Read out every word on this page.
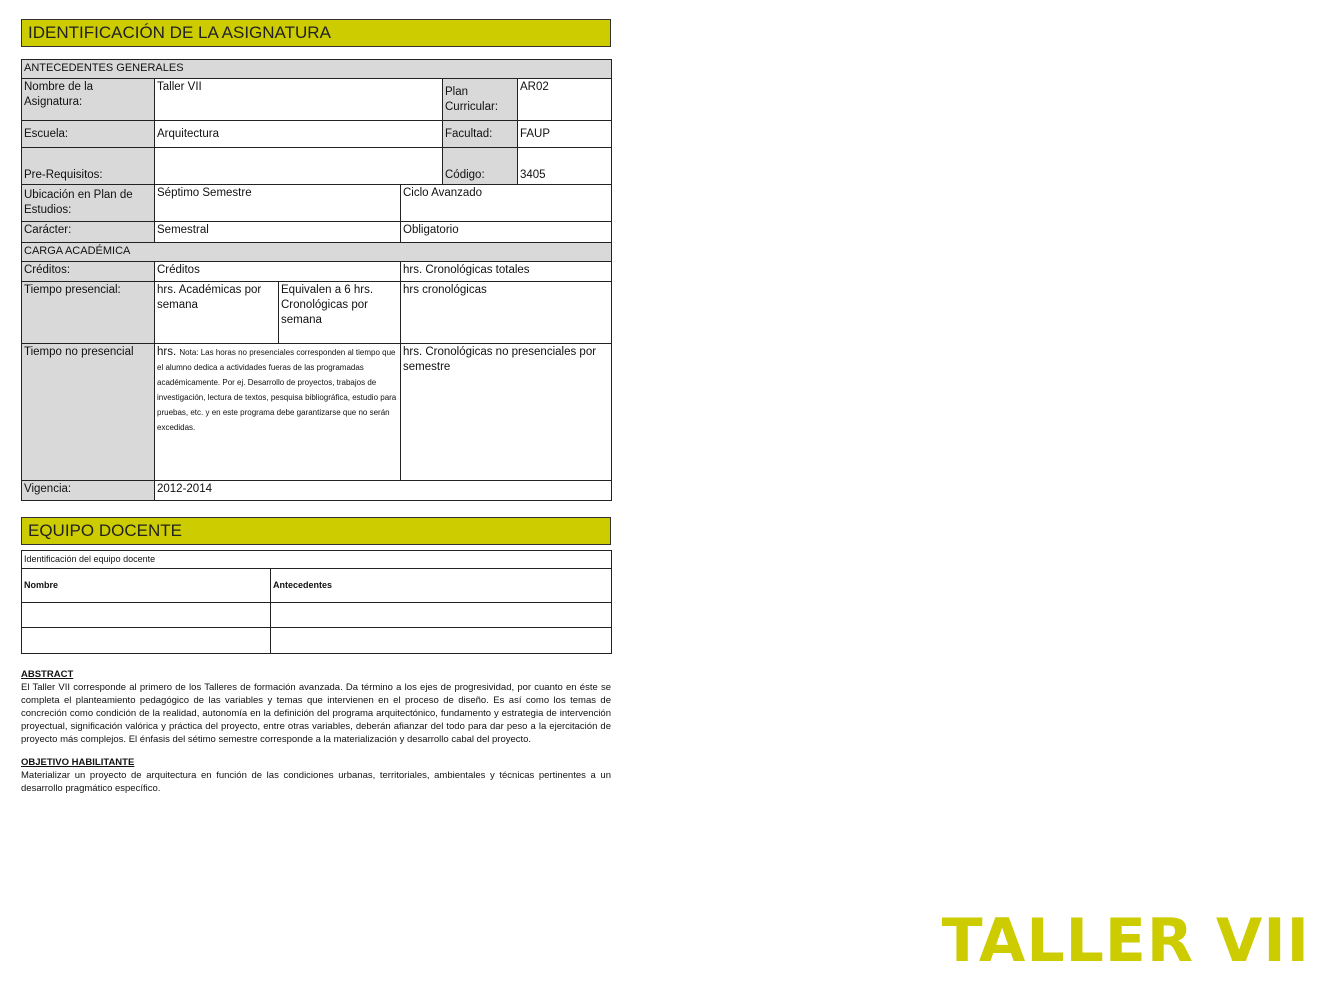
IDENTIFICACIÓN DE LA ASIGNATURA
ANTECEDENTES GENERALES					
Nombre de la Asignatura:	Taller VII			Plan Curricular:	AR02
Escuela:	Arquitectura			Facultad:	FAUP
Pre-Requisitos:				Código:	3405
Ubicación en Plan de Estudios:	Séptimo Semestre		Ciclo Avanzado		
Carácter:	Semestral		Obligatorio		
CARGA ACADÉMICA					
Créditos:	Créditos		hrs. Cronológicas totales		
Tiempo presencial:	hrs. Académicas por semana	Equivalen a 6 hrs. Cronológicas por semana	hrs cronológicas		
Tiempo no presencial	hrs. Nota: Las horas no presenciales corresponden al tiempo que el alumno dedica a actividades fueras de las programadas académicamente. Por ej. Desarrollo de proyectos, trabajos de investigación, lectura de textos, pesquisa bibliográfica, estudio para pruebas, etc. y en este programa debe garantizarse que no serán excedidas.		hrs. Cronológicas no presenciales por semestre		
Vigencia:	2012-2014				
EQUIPO DOCENTE
Identificación del equipo docente	
Nombre	Antecedentes

ABSTRACT

El Taller VII corresponde al primero de los Talleres de formación avanzada. Da término a los ejes de progresividad, por cuanto en éste se completa el planteamiento pedagógico de las variables y temas que intervienen en el proceso de diseño. Es así como los temas de concreción como condición de la realidad, autonomía en la definición del programa arquitectónico, fundamento y estrategia de intervención proyectual, significación valórica y práctica del proyecto, entre otras variables, deberán afianzar del todo para dar peso a la ejercitación de proyecto más complejos. El énfasis del sétimo semestre corresponde a la materialización y desarrollo cabal del proyecto.

OBJETIVO HABILITANTE

Materializar un proyecto de arquitectura en función de las condiciones urbanas, territoriales, ambientales y técnicas pertinentes a un desarrollo pragmático específico.

TALLER VII
